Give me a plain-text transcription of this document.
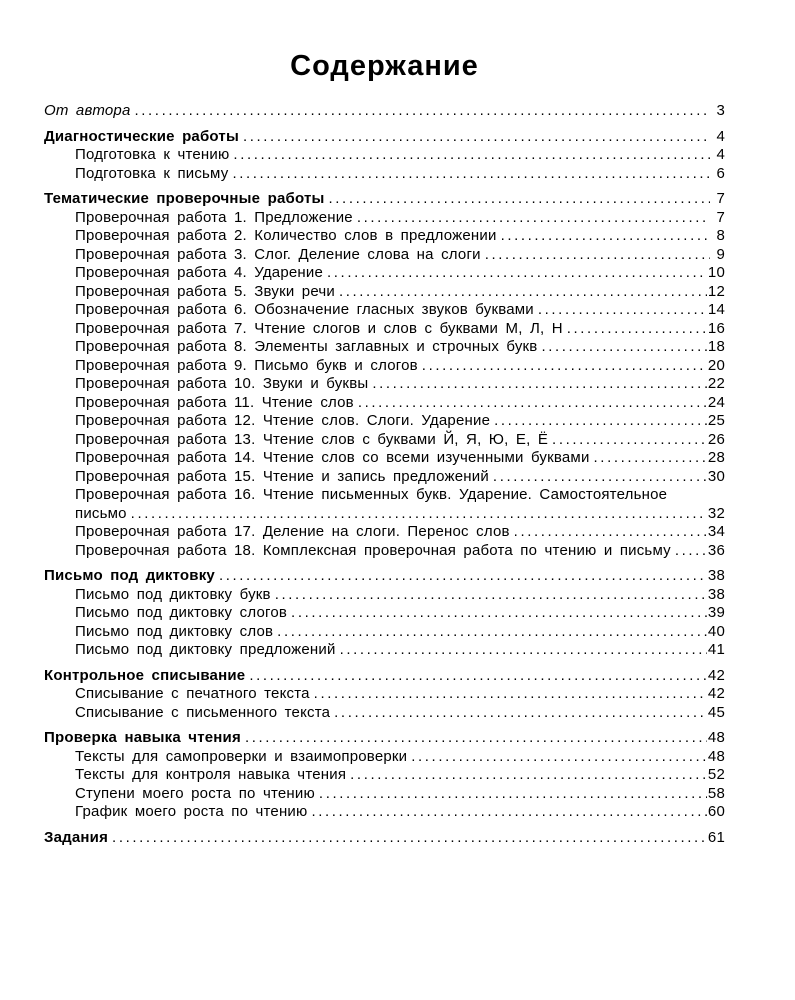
Содержание
От автора .....	3
Диагностические работы .....	4
Подготовка к чтению .....	4
Подготовка к письму .....	6
Тематические проверочные работы .....	7
Проверочная работа 1. Предложение .....	7
Проверочная работа 2. Количество слов в предложении .....	8
Проверочная работа 3. Слог. Деление слова на слоги .....	9
Проверочная работа 4. Ударение .....	10
Проверочная работа 5. Звуки речи .....	12
Проверочная работа 6. Обозначение гласных звуков буквами .....	14
Проверочная работа 7. Чтение слогов и слов с буквами М, Л, Н .....	16
Проверочная работа 8. Элементы заглавных и строчных букв .....	18
Проверочная работа 9. Письмо букв и слогов .....	20
Проверочная работа 10. Звуки и буквы .....	22
Проверочная работа 11. Чтение слов .....	24
Проверочная работа 12. Чтение слов. Слоги. Ударение .....	25
Проверочная работа 13. Чтение слов с буквами Й, Я, Ю, Е, Ё .....	26
Проверочная работа 14. Чтение слов со всеми изученными буквами .....	28
Проверочная работа 15. Чтение и запись предложений .....	30
Проверочная работа 16. Чтение письменных букв. Ударение. Самостоятельное
письмо .....	32
Проверочная работа 17. Деление на слоги. Перенос слов .....	34
Проверочная работа 18. Комплексная проверочная работа по чтению и письму ..... 36
Письмо под диктовку .....	38
Письмо под диктовку букв .....	38
Письмо под диктовку слогов .....	39
Письмо под диктовку слов .....	40
Письмо под диктовку предложений .....	41
Контрольное списывание .....	42
Списывание с печатного текста .....	42
Списывание с письменного текста .....	45
Проверка навыка чтения .....	48
Тексты для самопроверки и взаимопроверки .....	48
Тексты для контроля навыка чтения .....	52
Ступени моего роста по чтению .....	58
График моего роста по чтению .....	60
Задания .....	61
